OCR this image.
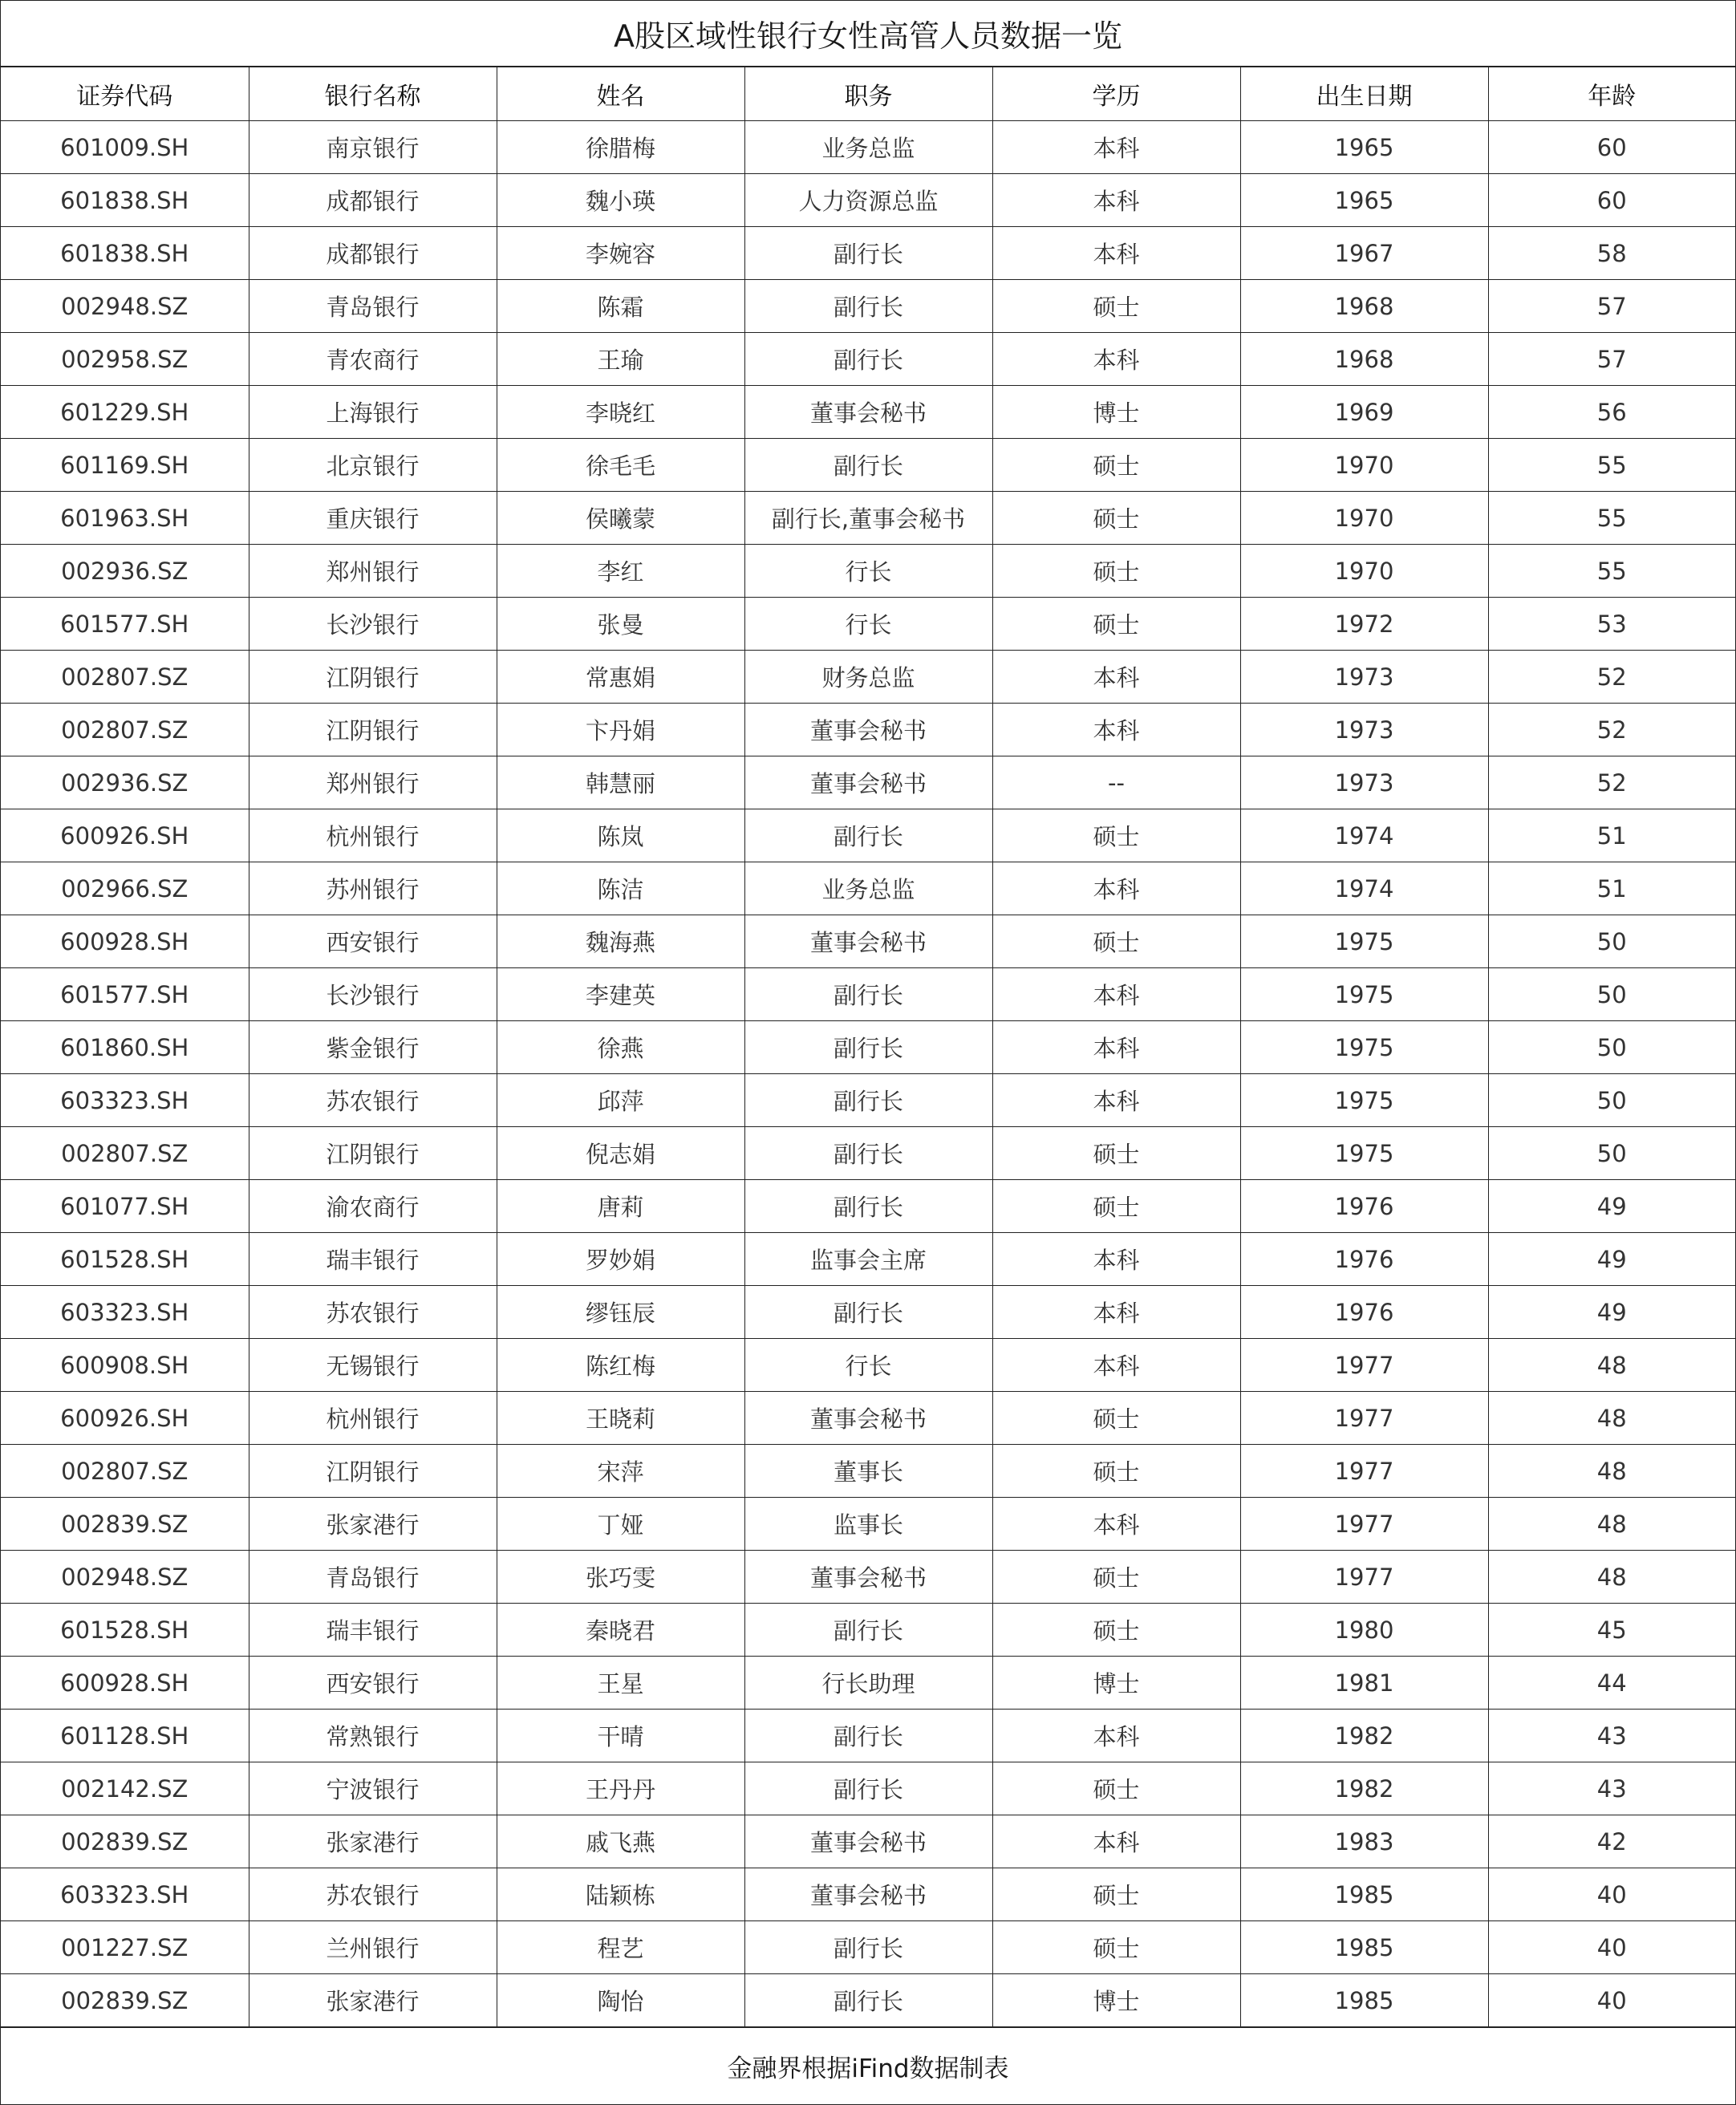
A股区域性银行女性高管人员数据一览
证券代码	银行名称	姓名	职务	学历	出生日期	年龄
601009.SH	南京银行	徐腊梅	业务总监	本科	1965	60
601838.SH	成都银行	魏小瑛	人力资源总监	本科	1965	60
601838.SH	成都银行	李婉容	副行长	本科	1967	58
002948.SZ	青岛银行	陈霜	副行长	硕士	1968	57
002958.SZ	青农商行	王瑜	副行长	本科	1968	57
601229.SH	上海银行	李晓红	董事会秘书	博士	1969	56
601169.SH	北京银行	徐毛毛	副行长	硕士	1970	55
601963.SH	重庆银行	侯曦蒙	副行长,董事会秘书	硕士	1970	55
002936.SZ	郑州银行	李红	行长	硕士	1970	55
601577.SH	长沙银行	张曼	行长	硕士	1972	53
002807.SZ	江阴银行	常惠娟	财务总监	本科	1973	52
002807.SZ	江阴银行	卞丹娟	董事会秘书	本科	1973	52
002936.SZ	郑州银行	韩慧丽	董事会秘书	--	1973	52
600926.SH	杭州银行	陈岚	副行长	硕士	1974	51
002966.SZ	苏州银行	陈洁	业务总监	本科	1974	51
600928.SH	西安银行	魏海燕	董事会秘书	硕士	1975	50
601577.SH	长沙银行	李建英	副行长	本科	1975	50
601860.SH	紫金银行	徐燕	副行长	本科	1975	50
603323.SH	苏农银行	邱萍	副行长	本科	1975	50
002807.SZ	江阴银行	倪志娟	副行长	硕士	1975	50
601077.SH	渝农商行	唐莉	副行长	硕士	1976	49
601528.SH	瑞丰银行	罗妙娟	监事会主席	本科	1976	49
603323.SH	苏农银行	缪钰辰	副行长	本科	1976	49
600908.SH	无锡银行	陈红梅	行长	本科	1977	48
600926.SH	杭州银行	王晓莉	董事会秘书	硕士	1977	48
002807.SZ	江阴银行	宋萍	董事长	硕士	1977	48
002839.SZ	张家港行	丁娅	监事长	本科	1977	48
002948.SZ	青岛银行	张巧雯	董事会秘书	硕士	1977	48
601528.SH	瑞丰银行	秦晓君	副行长	硕士	1980	45
600928.SH	西安银行	王星	行长助理	博士	1981	44
601128.SH	常熟银行	干晴	副行长	本科	1982	43
002142.SZ	宁波银行	王丹丹	副行长	硕士	1982	43
002839.SZ	张家港行	戚飞燕	董事会秘书	本科	1983	42
603323.SH	苏农银行	陆颖栋	董事会秘书	硕士	1985	40
001227.SZ	兰州银行	程艺	副行长	硕士	1985	40
002839.SZ	张家港行	陶怡	副行长	博士	1985	40
金融界根据iFind数据制表
